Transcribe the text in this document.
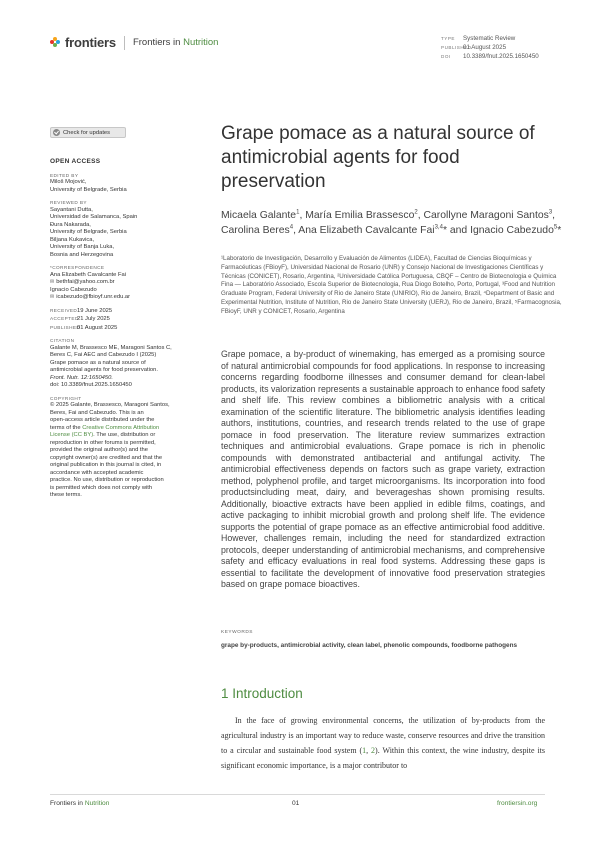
frontiers Frontiers in Nutrition	TYPE Systematic Review
PUBLISHED01 August 2025
DOI 10.3389/fnut.2025.1650450
Check for updates
OPEN ACCESS
EDITED BY
Miloš Mojović,
University of Belgrade, Serbia
REVIEWED BY
Sayantani Dutta,
Universidad de Salamanca, Spain
Đura Nakarada,
University of Belgrade, Serbia
Biljana Kukavica,
University of Banja Luka,
Bosnia and Herzegovina
*CORRESPONDENCE
Ana Elizabeth Cavalcante Fai
✉ bethfai@yahoo.com.br
Ignacio Cabezudo
✉ icabezudo@fbioyf.unr.edu.ar
RECEIVED19 June 2025
ACCEPTED21 July 2025
PUBLISHED01 August 2025
CITATION
Galante M, Brassesco ME, Maragoni Santos C,
Beres C, Fai AEC and Cabezudo I (2025)
Grape pomace as a natural source of
antimicrobial agents for food preservation.
Front. Nutr. 12:1650450.
doi: 10.3389/fnut.2025.1650450
COPYRIGHT
© 2025 Galante, Brassesco, Maragoni Santos,
Beres, Fai and Cabezudo. This is an
open-access article distributed under the
terms of the Creative Commons Attribution
License (CC BY). The use, distribution or
reproduction in other forums is permitted,
provided the original author(s) and the
copyright owner(s) are credited and that the
original publication in this journal is cited, in
accordance with accepted academic
practice. No use, distribution or reproduction
is permitted which does not comply with
these terms.
Grape pomace as a natural source of antimicrobial agents for food preservation
Micaela Galante$^1$, María Emilia Brassesco$^2$, Carollyne Maragoni Santos$^3$, Carolina Beres$^4$, Ana Elizabeth Cavalcante Fai$^{3,4}$* and Ignacio Cabezudo$^5$*
¹Laboratorio de Investigación, Desarrollo y Evaluación de Alimentos (LIDEA), Facultad de Ciencias Bioquímicas y Farmacéuticas (FBioyF), Universidad Nacional de Rosario (UNR) y Consejo Nacional de Investigaciones Científicas y Técnicas (CONICET), Rosario, Argentina, ²Universidade Católica Portuguesa, CBQF – Centro de Biotecnologia e Química Fina — Laboratório Associado, Escola Superior de Biotecnologia, Rua Diogo Botelho, Porto, Portugal, ³Food and Nutrition Graduate Program, Federal University of Rio de Janeiro State (UNIRIO), Rio de Janeiro, Brazil, ⁴Department of Basic and Experimental Nutrition, Institute of Nutrition, Rio de Janeiro State University (UERJ), Rio de Janeiro, Brazil, ⁵Farmacognosia, FBioyF, UNR y CONICET, Rosario, Argentina
Grape pomace, a by-product of winemaking, has emerged as a promising source of natural antimicrobial compounds for food applications. In response to increasing concerns regarding foodborne illnesses and consumer demand for clean-label products, its valorization represents a sustainable approach to enhance food safety and shelf life. This review combines a bibliometric analysis with a critical examination of the scientific literature. The bibliometric analysis identifies leading authors, institutions, countries, and research trends related to the use of grape pomace in food preservation. The literature review summarizes extraction techniques and antimicrobial evaluations. Grape pomace is rich in phenolic compounds with demonstrated antibacterial and antifungal activity. The antimicrobial effectiveness depends on factors such as grape variety, extraction method, polyphenol profile, and target microorganisms. Its incorporation into food productsincluding meat, dairy, and beverageshas shown promising results. Additionally, bioactive extracts have been applied in edible films, coatings, and active packaging to inhibit microbial growth and prolong shelf life. The evidence supports the potential of grape pomace as an effective antimicrobial food additive. However, challenges remain, including the need for standardized extraction protocols, deeper understanding of antimicrobial mechanisms, and comprehensive safety and efficacy evaluations in real food systems. Addressing these gaps is essential to facilitate the development of innovative food preservation strategies based on grape pomace bioactives.
KEYWORDS
grape by-products, antimicrobial activity, clean label, phenolic compounds, foodborne pathogens
1 Introduction
In the face of growing environmental concerns, the utilization of by-products from the agricultural industry is an important way to reduce waste, conserve resources and drive the transition to a circular and sustainable food system (1, 2). Within this context, the wine industry, despite its significant economic importance, is a major contributor to
Frontiers in Nutrition	01	frontiersin.org
